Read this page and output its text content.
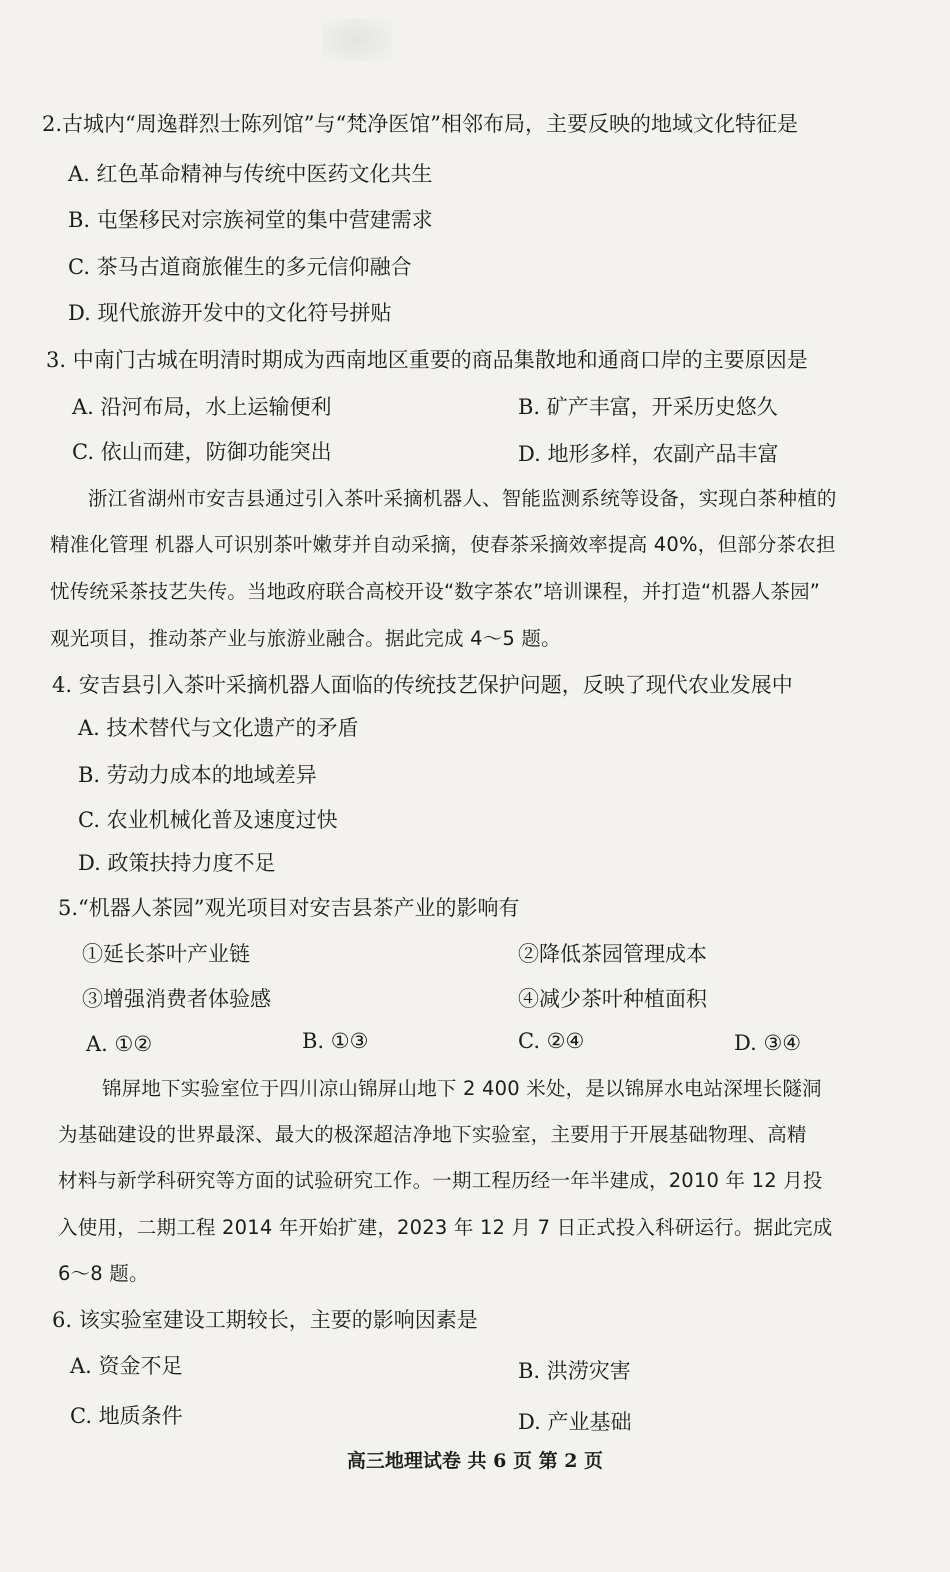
2.古城内“周逸群烈士陈列馆”与“梵净医馆”相邻布局，主要反映的地域文化特征是
A. 红色革命精神与传统中医药文化共生
B. 屯堡移民对宗族祠堂的集中营建需求
C. 茶马古道商旅催生的多元信仰融合
D. 现代旅游开发中的文化符号拼贴
3. 中南门古城在明清时期成为西南地区重要的商品集散地和通商口岸的主要原因是
A. 沿河布局，水上运输便利	B. 矿产丰富，开采历史悠久
C. 依山而建，防御功能突出	D. 地形多样，农副产品丰富
浙江省湖州市安吉县通过引入茶叶采摘机器人、智能监测系统等设备，实现白茶种植的
精准化管理 机器人可识别茶叶嫩芽并自动采摘，使春茶采摘效率提高 40%，但部分茶农担
忧传统采茶技艺失传。当地政府联合高校开设“数字茶农”培训课程，并打造“机器人茶园”
观光项目，推动茶产业与旅游业融合。据此完成 4～5 题。
4. 安吉县引入茶叶采摘机器人面临的传统技艺保护问题，反映了现代农业发展中
A. 技术替代与文化遗产的矛盾
B. 劳动力成本的地域差异
C. 农业机械化普及速度过快
D. 政策扶持力度不足
5.“机器人茶园”观光项目对安吉县茶产业的影响有
①延长茶叶产业链	②降低茶园管理成本
③增强消费者体验感	④减少茶叶种植面积
A. ①②	B. ①③	C. ②④	D. ③④
锦屏地下实验室位于四川凉山锦屏山地下 2 400 米处，是以锦屏水电站深埋长隧洞
为基础建设的世界最深、最大的极深超洁净地下实验室，主要用于开展基础物理、高精
材料与新学科研究等方面的试验研究工作。一期工程历经一年半建成，2010 年 12 月投
入使用，二期工程 2014 年开始扩建，2023 年 12 月 7 日正式投入科研运行。据此完成
6～8 题。
6. 该实验室建设工期较长，主要的影响因素是
A. 资金不足	B. 洪涝灾害
C. 地质条件	D. 产业基础
高三地理试卷 共 6 页 第 2 页
